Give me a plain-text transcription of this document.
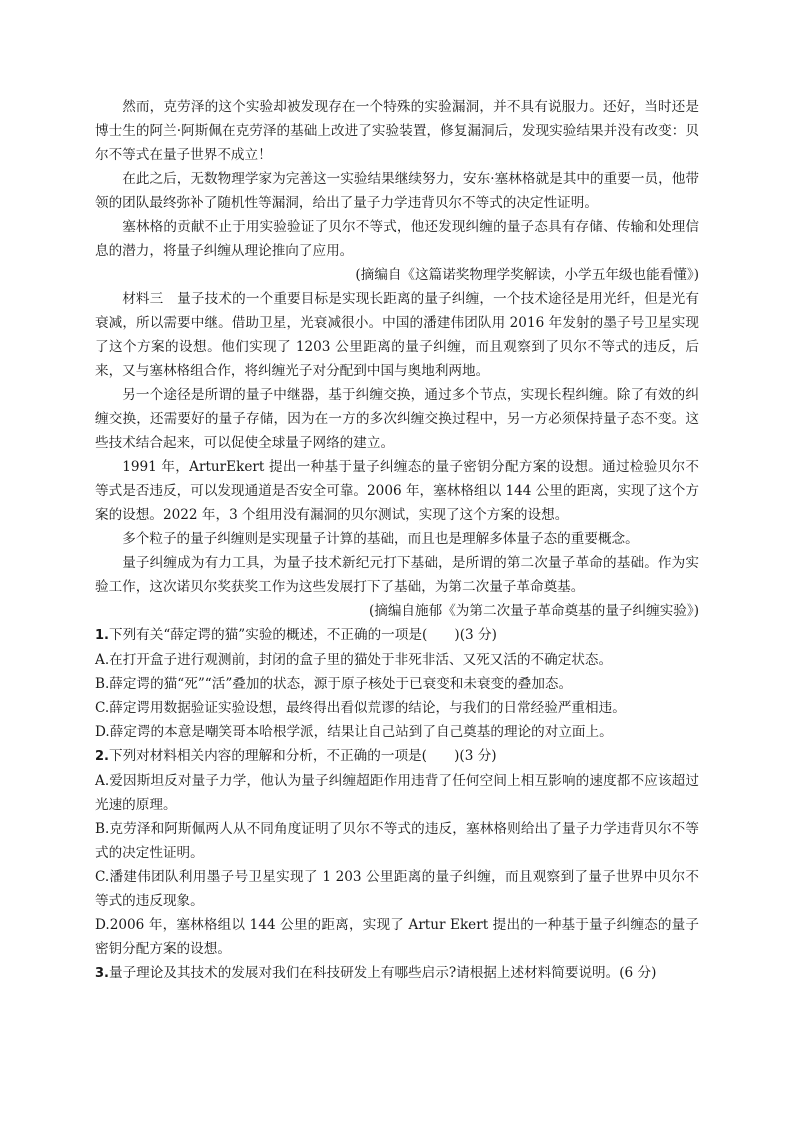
然而，克劳泽的这个实验却被发现存在一个特殊的实验漏洞，并不具有说服力。还好，当时还是博士生的阿兰·阿斯佩在克劳泽的基础上改进了实验装置，修复漏洞后，发现实验结果并没有改变：贝尔不等式在量子世界不成立！

在此之后，无数物理学家为完善这一实验结果继续努力，安东·塞林格就是其中的重要一员，他带领的团队最终弥补了随机性等漏洞，给出了量子力学违背贝尔不等式的决定性证明。

塞林格的贡献不止于用实验验证了贝尔不等式，他还发现纠缠的量子态具有存储、传输和处理信息的潜力，将量子纠缠从理论推向了应用。

(摘编自《这篇诺奖物理学奖解读，小学五年级也能看懂》)

材料三　 量子技术的一个重要目标是实现长距离的量子纠缠，一个技术途径是用光纤，但是光有衰减，所以需要中继。借助卫星，光衰减很小。中国的潘建伟团队用 2016 年发射的墨子号卫星实现了这个方案的设想。他们实现了 1203 公里距离的量子纠缠，而且观察到了贝尔不等式的违反，后来，又与塞林格组合作，将纠缠光子对分配到中国与奥地利两地。

另一个途径是所谓的量子中继器，基于纠缠交换，通过多个节点，实现长程纠缠。除了有效的纠缠交换，还需要好的量子存储，因为在一方的多次纠缠交换过程中，另一方必须保持量子态不变。这些技术结合起来，可以促使全球量子网络的建立。

1991 年，ArturEkert 提出一种基于量子纠缠态的量子密钥分配方案的设想。通过检验贝尔不等式是否违反，可以发现通道是否安全可靠。2006 年，塞林格组以 144 公里的距离，实现了这个方案的设想。2022 年，3 个组用没有漏洞的贝尔测试，实现了这个方案的设想。

多个粒子的量子纠缠则是实现量子计算的基础，而且也是理解多体量子态的重要概念。

量子纠缠成为有力工具，为量子技术新纪元打下基础，是所谓的第二次量子革命的基础。作为实验工作，这次诺贝尔奖获奖工作为这些发展打下了基础，为第二次量子革命奠基。

(摘编自施郁《为第二次量子革命奠基的量子纠缠实验》)

1.下列有关“薛定谔的猫”实验的概述，不正确的一项是(　　)(3 分)

A.在打开盒子进行观测前，封闭的盒子里的猫处于非死非活、又死又活的不确定状态。

B.薛定谔的猫“死”“活”叠加的状态，源于原子核处于已衰变和未衰变的叠加态。

C.薛定谔用数据验证实验设想，最终得出看似荒谬的结论，与我们的日常经验严重相违。

D.薛定谔的本意是嘲笑哥本哈根学派，结果让自己站到了自己奠基的理论的对立面上。

2.下列对材料相关内容的理解和分析，不正确的一项是(　　)(3 分)

A.爱因斯坦反对量子力学，他认为量子纠缠超距作用违背了任何空间上相互影响的速度都不应该超过光速的原理。

B.克劳泽和阿斯佩两人从不同角度证明了贝尔不等式的违反，塞林格则给出了量子力学违背贝尔不等式的决定性证明。

C.潘建伟团队利用墨子号卫星实现了 1 203 公里距离的量子纠缠，而且观察到了量子世界中贝尔不等式的违反现象。

D.2006 年，塞林格组以 144 公里的距离，实现了 Artur Ekert 提出的一种基于量子纠缠态的量子密钥分配方案的设想。

3.量子理论及其技术的发展对我们在科技研发上有哪些启示?请根据上述材料简要说明。(6 分)
